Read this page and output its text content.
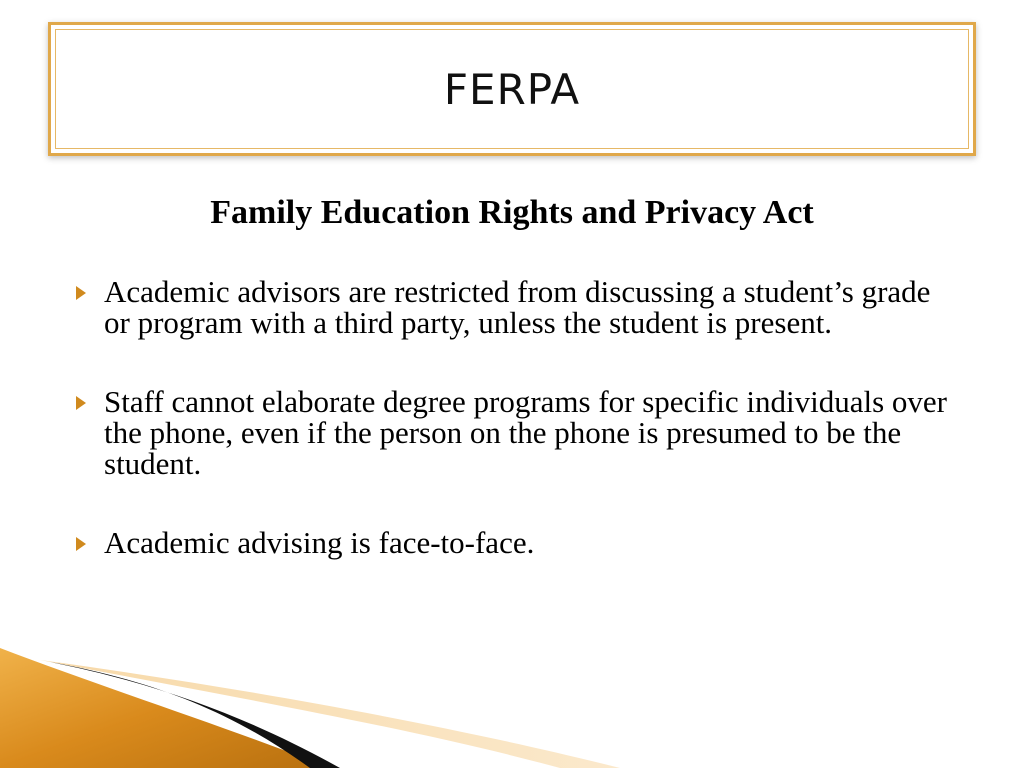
FERPA

Family Education Rights and Privacy Act

Academic advisors are restricted from discussing a student’s grade or program with a third party, unless the student is present.
Staff cannot elaborate degree programs for specific individuals over the phone, even if the person on the phone is presumed to be the student.
Academic advising is face-to-face.
